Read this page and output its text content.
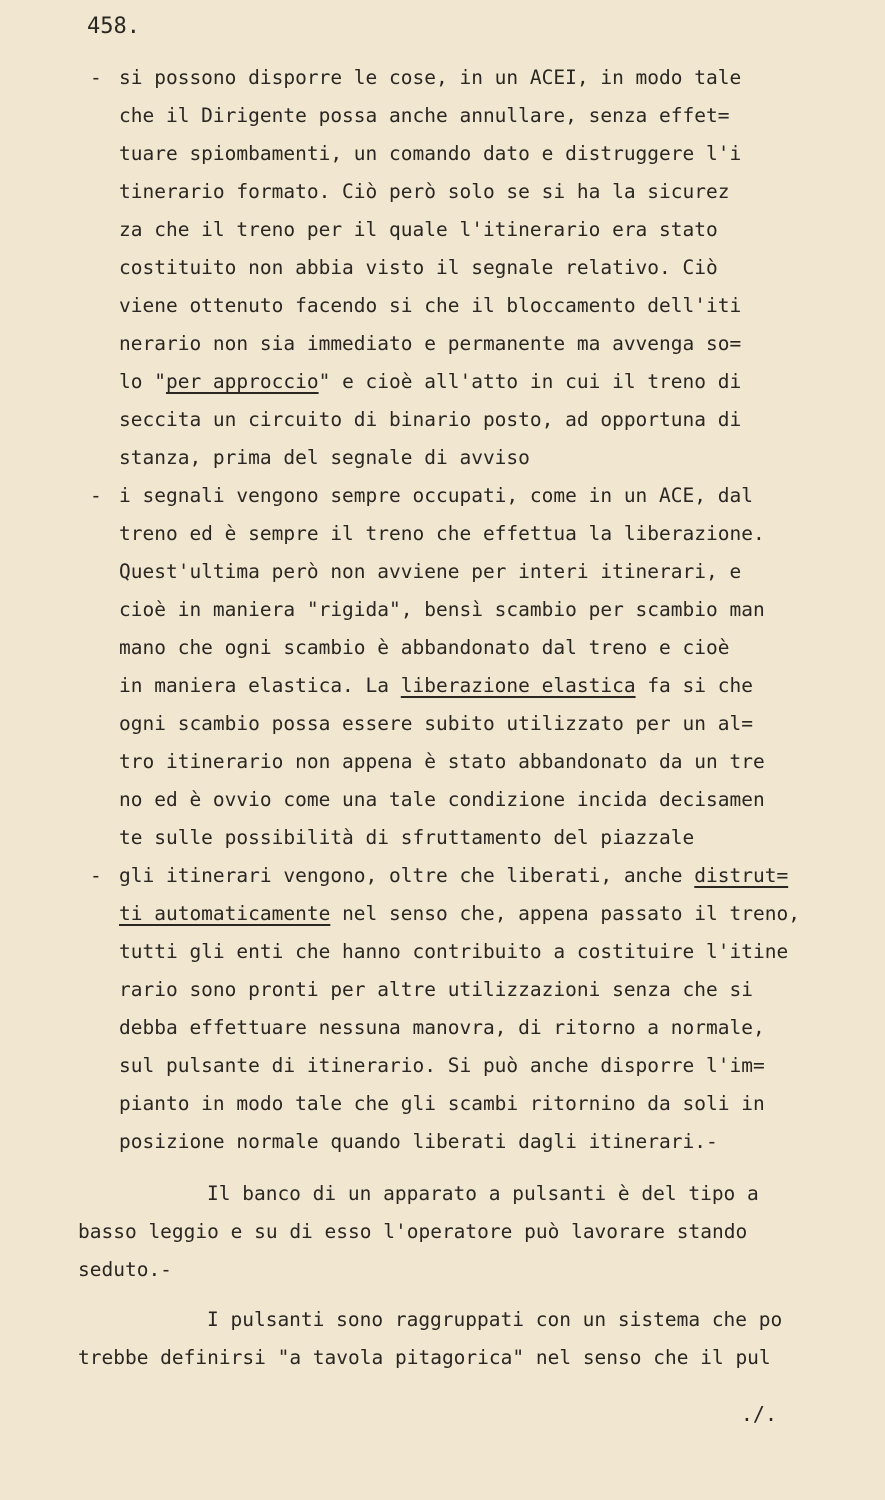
458.
- si possono disporre le cose, in un ACEI, in modo tale
che il Dirigente possa anche annullare, senza effet=
tuare spiombamenti, un comando dato e distruggere l'i
tinerario formato. Ciò però solo se si ha la sicurez
za che il treno per il quale l'itinerario era stato
costituito non abbia visto il segnale relativo. Ciò
viene ottenuto facendo si che il bloccamento dell'iti
nerario non sia immediato e permanente ma avvenga so=
lo "per approccio" e cioè all'atto in cui il treno di
seccita un circuito di binario posto, ad opportuna di
stanza, prima del segnale di avviso
- i segnali vengono sempre occupati, come in un ACE, dal
treno ed è sempre il treno che effettua la liberazione.
Quest'ultima però non avviene per interi itinerari, e
cioè in maniera "rigida", bensì scambio per scambio man
mano che ogni scambio è abbandonato dal treno e cioè
in maniera elastica. La liberazione elastica fa si che
ogni scambio possa essere subito utilizzato per un al=
tro itinerario non appena è stato abbandonato da un tre
no ed è ovvio come una tale condizione incida decisamen
te sulle possibilità di sfruttamento del piazzale
- gli itinerari vengono, oltre che liberati, anche distrut=
ti automaticamente nel senso che, appena passato il treno,
tutti gli enti che hanno contribuito a costituire l'itine
rario sono pronti per altre utilizzazioni senza che si
debba effettuare nessuna manovra, di ritorno a normale,
sul pulsante di itinerario. Si può anche disporre l'im=
pianto in modo tale che gli scambi ritornino da soli in
posizione normale quando liberati dagli itinerari.-
Il banco di un apparato a pulsanti è del tipo a
basso leggio e su di esso l'operatore può lavorare stando
seduto.-
I pulsanti sono raggruppati con un sistema che po
trebbe definirsi "a tavola pitagorica" nel senso che il pul
./.
